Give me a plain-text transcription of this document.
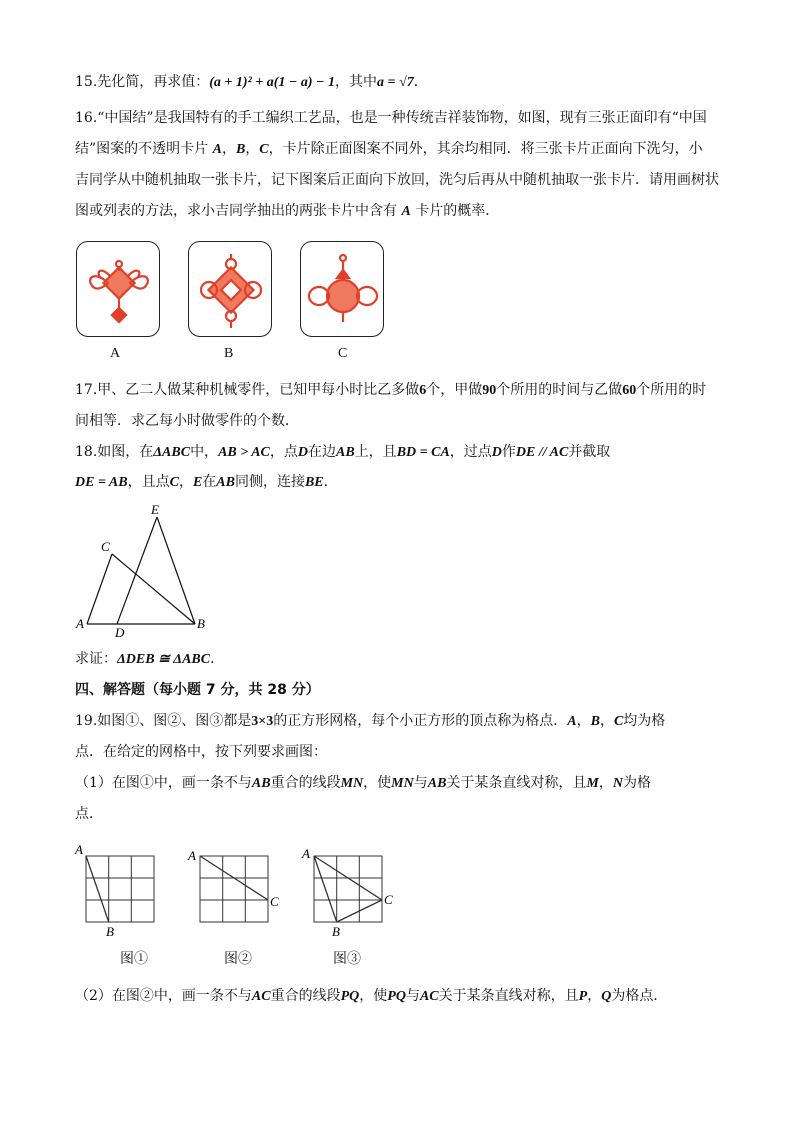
15.先化简，再求值：(a + 1)² + a(1 − a) − 1，其中a = √7．
16.“中国结”是我国特有的手工编织工艺品，也是一种传统吉祥装饰物，如图，现有三张正面印有“中国
结”图案的不透明卡片 A，B，C，卡片除正面图案不同外，其余均相同．将三张卡片正面向下洗匀，小
吉同学从中随机抽取一张卡片，记下图案后正面向下放回，洗匀后再从中随机抽取一张卡片．请用画树状
图或列表的方法，求小吉同学抽出的两张卡片中含有 A 卡片的概率．
A	B	C
17.甲、乙二人做某种机械零件，已知甲每小时比乙多做6个，甲做90个所用的时间与乙做60个所用的时
间相等．求乙每小时做零件的个数．
18.如图，在ΔABC中，AB > AC，点D在边AB上，且BD = CA，过点D作DE // AC并截取
DE = AB，且点C，E在AB同侧，连接BE．
A	B
C
D
E
求证：ΔDEB ≅ ΔABC．
四、解答题（每小题 7 分，共 28 分）
19.如图①、图②、图③都是3×3的正方形网格，每个小正方形的顶点称为格点．A，B，C均为格
点．在给定的网格中，按下列要求画图：
（1）在图①中，画一条不与AB重合的线段MN，使MN与AB关于某条直线对称，且M，N为格
点．
A
B
A
C
A
B
C
图①	图②	图③
（2）在图②中，画一条不与AC重合的线段PQ，使PQ与AC关于某条直线对称，且P，Q为格点．
